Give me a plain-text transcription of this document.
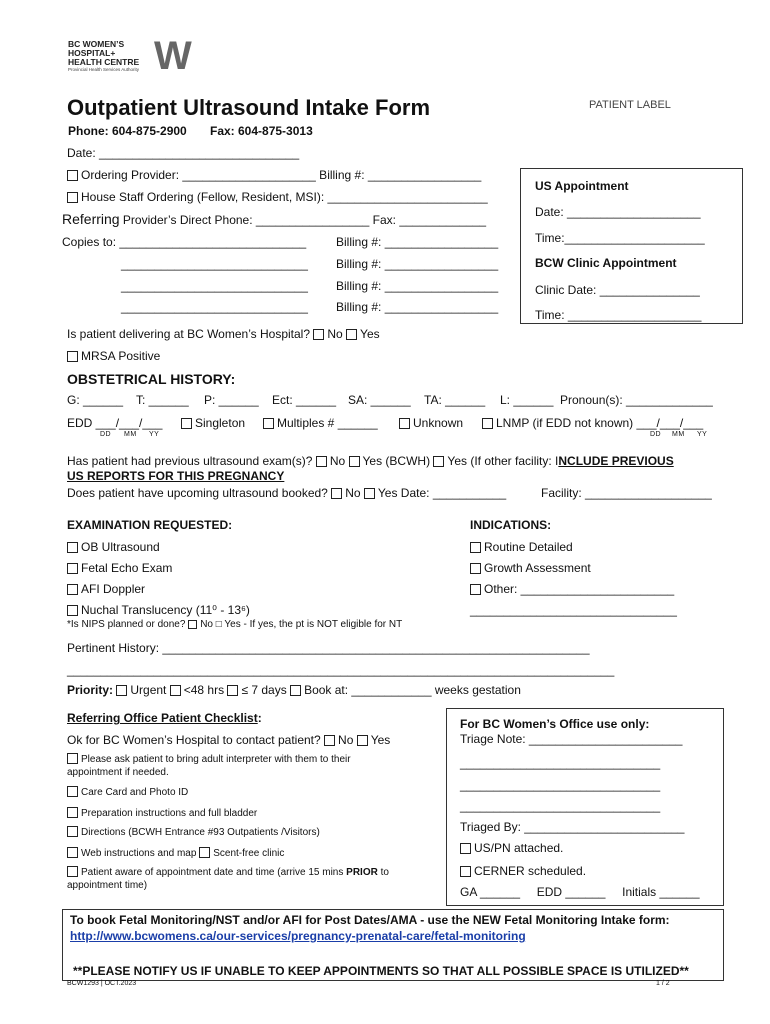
BC WOMEN’S
HOSPITAL+
HEALTH CENTRE
Provincial Health Services Authority W
Outpatient Ultrasound Intake Form	PATIENT LABEL
Phone: 604-875-2900 Fax: 604-875-3013
Date: ______________________________
Ordering Provider: ____________________ Billing #: _________________
House Staff Ordering (Fellow, Resident, MSI): ________________________
Referring Provider’s Direct Phone: _________________ Fax: _____________
Copies to: ____________________________ Billing #: _________________
____________________________ Billing #: _________________
____________________________ Billing #: _________________
____________________________ Billing #: _________________
US Appointment
Date: ____________________
Time:_____________________
BCW Clinic Appointment
Clinic Date: _______________
Time: ____________________
Is patient delivering at BC Women’s Hospital? No Yes
MRSA Positive
OBSTETRICAL HISTORY:
G: ______ T: ______ P: ______ Ect: ______ SA: ______ TA: ______ L: ______ Pronoun(s): _____________
EDD ___/___/___	Singleton	Multiples # ______	Unknown	LNMP (if EDD not known) ___/___/___
DD MM YY	DD MM YY
Has patient had previous ultrasound exam(s)? No Yes (BCWH) Yes (If other facility: INCLUDE PREVIOUS
US REPORTS FOR THIS PREGNANCY
Does patient have upcoming ultrasound booked? No Yes Date: ___________	Facility: ___________________
EXAMINATION REQUESTED:
OB Ultrasound
Fetal Echo Exam
AFI Doppler
Nuchal Translucency (11⁰ - 13⁶)
*Is NIPS planned or done? No □ Yes - If yes, the pt is NOT eligible for NT
INDICATIONS:
Routine Detailed
Growth Assessment
Other: _______________________
_______________________________
Pertinent History: ________________________________________________________________
__________________________________________________________________________________
Priority: Urgent <48 hrs ≤ 7 days Book at: ____________ weeks gestation
Referring Office Patient Checklist:
Ok for BC Women’s Hospital to contact patient? No Yes
Please ask patient to bring adult interpreter with them to their
appointment if needed.
Care Card and Photo ID
Preparation instructions and full bladder
Directions (BCWH Entrance #93 Outpatients /Visitors)
Web instructions and map Scent-free clinic
Patient aware of appointment date and time (arrive 15 mins PRIOR to
appointment time)
For BC Women’s Office use only:
Triage Note: _______________________
______________________________
______________________________
______________________________
Triaged By: ________________________
US/PN attached.
CERNER scheduled.
GA ______     EDD ______     Initials ______
To book Fetal Monitoring/NST and/or AFI for Post Dates/AMA - use the NEW Fetal Monitoring Intake form:
http://www.bcwomens.ca/our-services/pregnancy-prenatal-care/fetal-monitoring
**PLEASE NOTIFY US IF UNABLE TO KEEP APPOINTMENTS SO THAT ALL POSSIBLE SPACE IS UTILIZED**
BCW1293 | OCT.2023	1 / 2
